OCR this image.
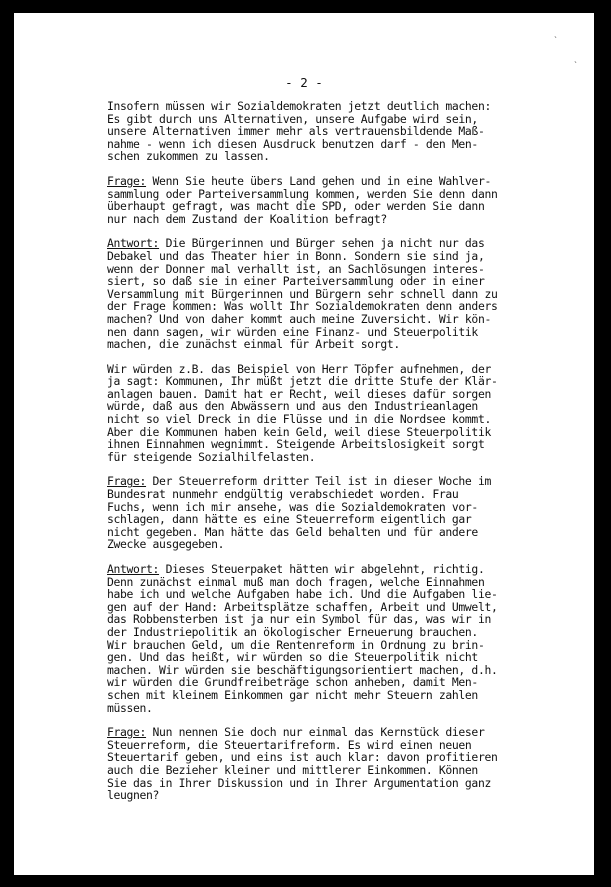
ˋ
ˋ
- 2 -
Insofern müssen wir Sozialdemokraten jetzt deutlich machen:
Es gibt durch uns Alternativen, unsere Aufgabe wird sein,
unsere Alternativen immer mehr als vertrauensbildende Maß-
nahme - wenn ich diesen Ausdruck benutzen darf - den Men-
schen zukommen zu lassen.
Frage: Wenn Sie heute übers Land gehen und in eine Wahlver-
sammlung oder Parteiversammlung kommen, werden Sie denn dann
überhaupt gefragt, was macht die SPD, oder werden Sie dann
nur nach dem Zustand der Koalition befragt?
Antwort: Die Bürgerinnen und Bürger sehen ja nicht nur das
Debakel und das Theater hier in Bonn. Sondern sie sind ja,
wenn der Donner mal verhallt ist, an Sachlösungen interes-
siert, so daß sie in einer Parteiversammlung oder in einer
Versammlung mit Bürgerinnen und Bürgern sehr schnell dann zu
der Frage kommen: Was wollt Ihr Sozialdemokraten denn anders
machen? Und von daher kommt auch meine Zuversicht. Wir kön-
nen dann sagen, wir würden eine Finanz- und Steuerpolitik
machen, die zunächst einmal für Arbeit sorgt.
Wir würden z.B. das Beispiel von Herr Töpfer aufnehmen, der
ja sagt: Kommunen, Ihr müßt jetzt die dritte Stufe der Klär-
anlagen bauen. Damit hat er Recht, weil dieses dafür sorgen
würde, daß aus den Abwässern und aus den Industrieanlagen
nicht so viel Dreck in die Flüsse und in die Nordsee kommt.
Aber die Kommunen haben kein Geld, weil diese Steuerpolitik
ihnen Einnahmen wegnimmt. Steigende Arbeitslosigkeit sorgt
für steigende Sozialhilfelasten.
Frage: Der Steuerreform dritter Teil ist in dieser Woche im
Bundesrat nunmehr endgültig verabschiedet worden. Frau
Fuchs, wenn ich mir ansehe, was die Sozialdemokraten vor-
schlagen, dann hätte es eine Steuerreform eigentlich gar
nicht gegeben. Man hätte das Geld behalten und für andere
Zwecke ausgegeben.
Antwort: Dieses Steuerpaket hätten wir abgelehnt, richtig.
Denn zunächst einmal muß man doch fragen, welche Einnahmen
habe ich und welche Aufgaben habe ich. Und die Aufgaben lie-
gen auf der Hand: Arbeitsplätze schaffen, Arbeit und Umwelt,
das Robbensterben ist ja nur ein Symbol für das, was wir in
der Industriepolitik an ökologischer Erneuerung brauchen.
Wir brauchen Geld, um die Rentenreform in Ordnung zu brin-
gen. Und das heißt, wir würden so die Steuerpolitik nicht
machen. Wir würden sie beschäftigungsorientiert machen, d.h.
wir würden die Grundfreibeträge schon anheben, damit Men-
schen mit kleinem Einkommen gar nicht mehr Steuern zahlen
müssen.
Frage: Nun nennen Sie doch nur einmal das Kernstück dieser
Steuerreform, die Steuertarifreform. Es wird einen neuen
Steuertarif geben, und eins ist auch klar: davon profitieren
auch die Bezieher kleiner und mittlerer Einkommen. Können
Sie das in Ihrer Diskussion und in Ihrer Argumentation ganz
leugnen?
